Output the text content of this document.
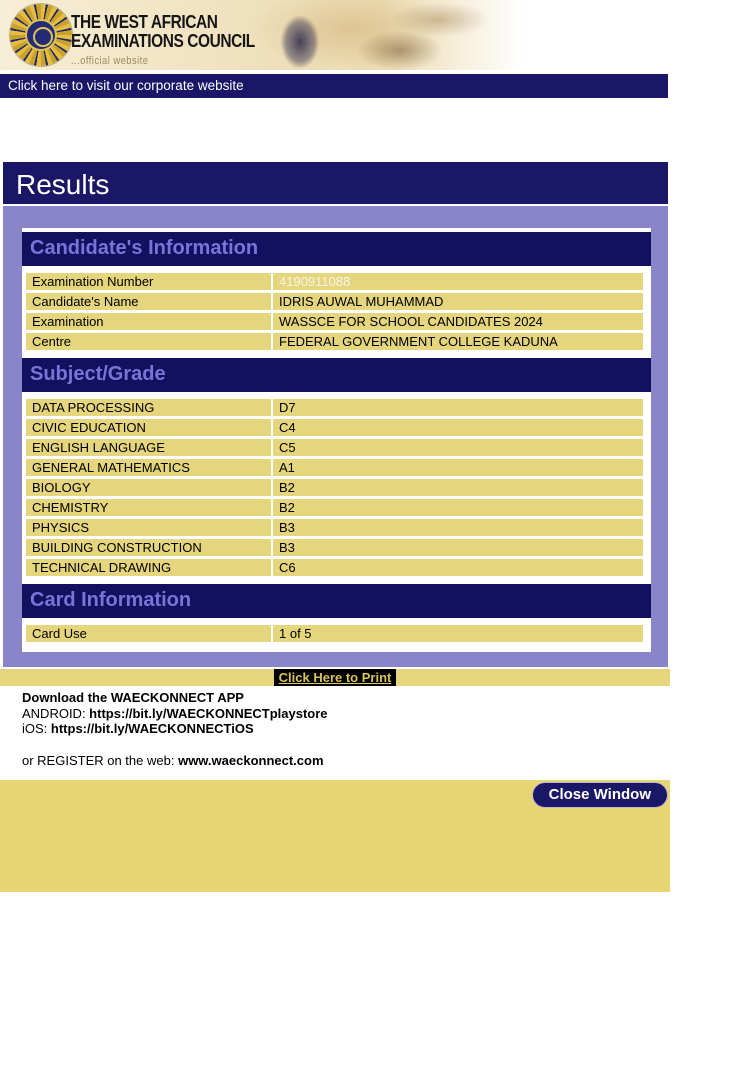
THE WEST AFRICAN
EXAMINATIONS COUNCIL
...official website
Click here to visit our corporate website
Results
Candidate's Information
Examination Number	4190911088
Candidate's Name	IDRIS AUWAL MUHAMMAD
Examination	WASSCE FOR SCHOOL CANDIDATES 2024
Centre	FEDERAL GOVERNMENT COLLEGE KADUNA
Subject/Grade
DATA PROCESSING	D7
CIVIC EDUCATION	C4
ENGLISH LANGUAGE	C5
GENERAL MATHEMATICS	A1
BIOLOGY	B2
CHEMISTRY	B2
PHYSICS	B3
BUILDING CONSTRUCTION	B3
TECHNICAL DRAWING	C6
Card Information
Card Use	1 of 5
Click Here to Print
Download the WAECKONNECT APP
ANDROID: https://bit.ly/WAECKONNECTplaystore
iOS: https://bit.ly/WAECKONNECTiOS
or REGISTER on the web: www.waeckonnect.com
Close Window
